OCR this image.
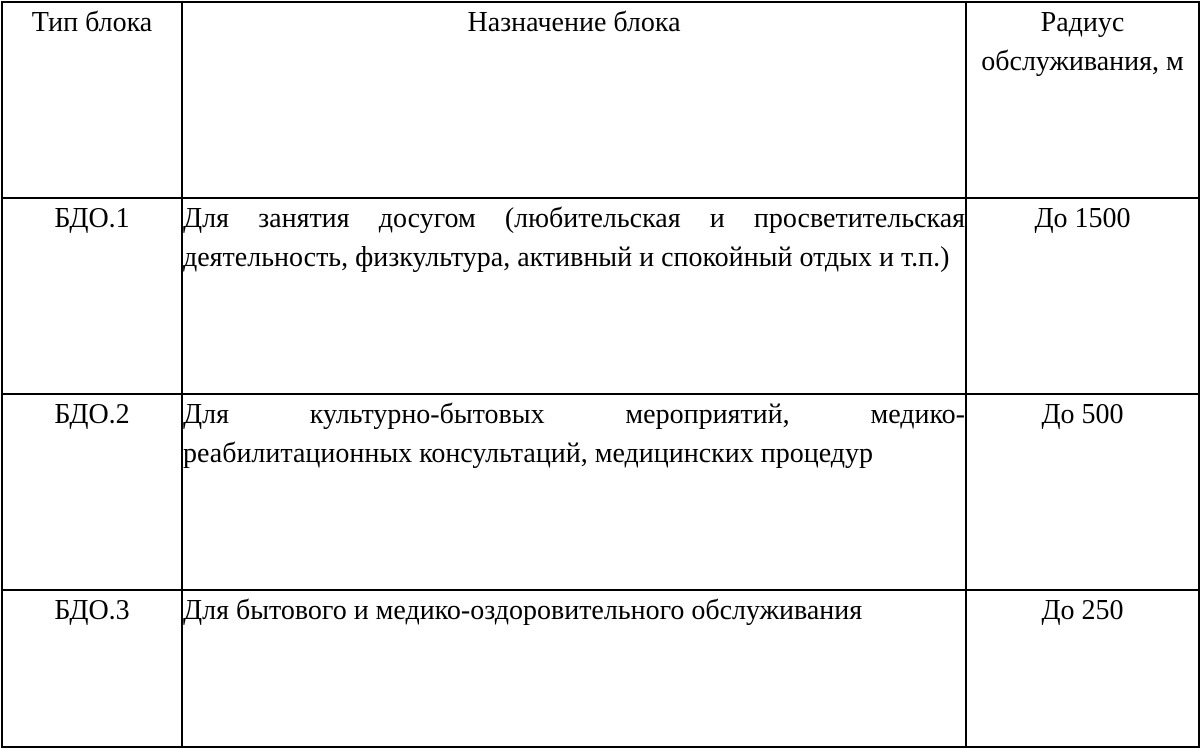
Тип блока	Назначение блока	Радиус обслуживания, м
БДО.1	Для занятия досугом (любительская и просветительская деятельность, физкультура, активный и спокойный отдых и т.п.)	До 1500
БДО.2	Для культурно-бытовых мероприятий, медико-реабилитационных консультаций, медицинских процедур	До 500
БДО.3	Для бытового и медико-оздоровительного обслуживания	До 250
